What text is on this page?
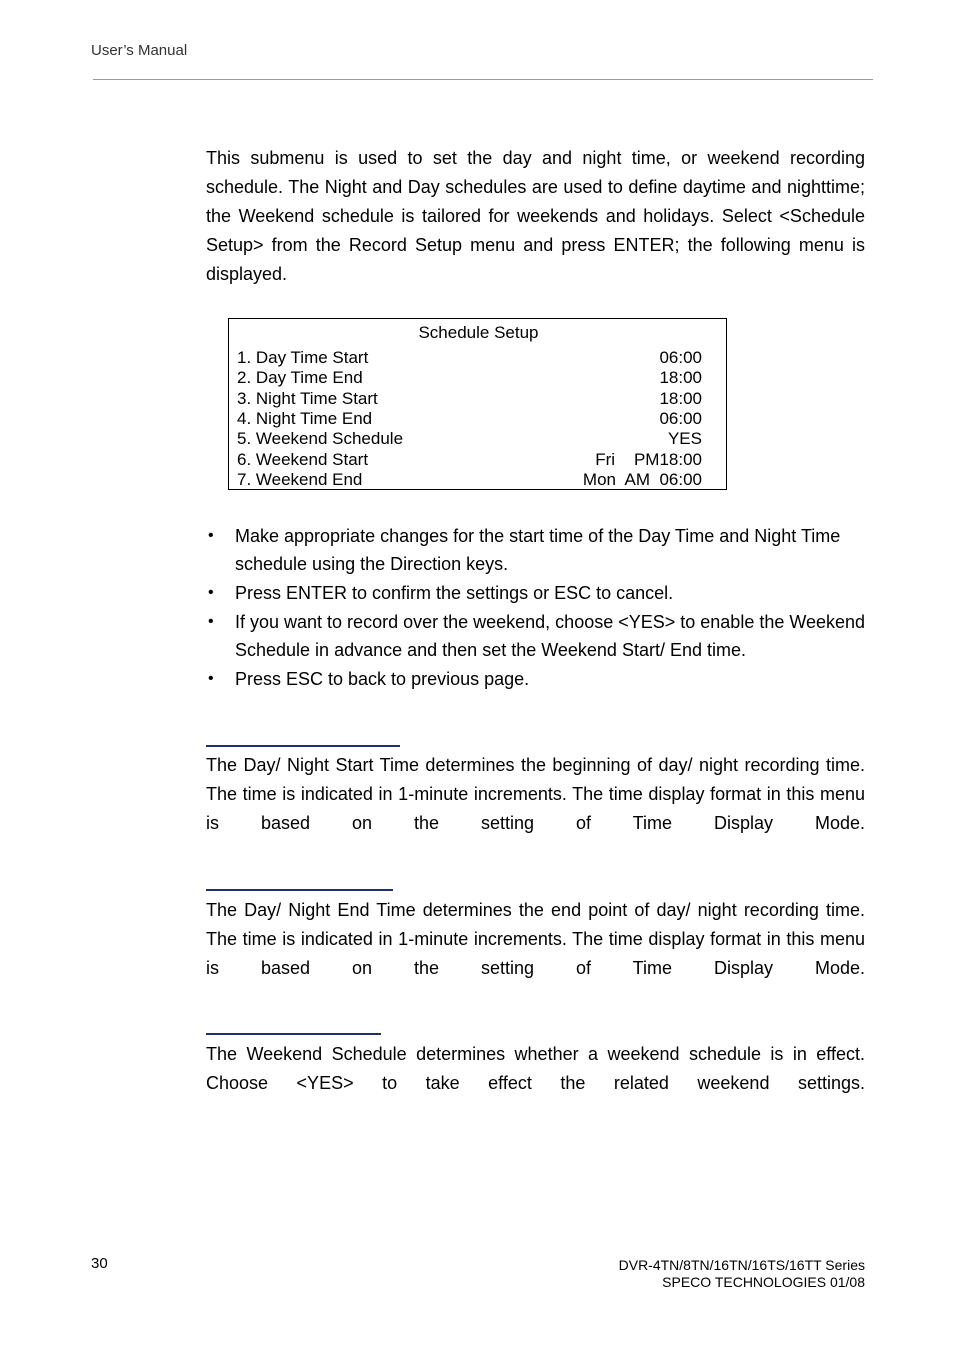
User’s Manual

This submenu is used to set the day and night time, or weekend recording schedule. The Night and Day schedules are used to define daytime and nighttime; the Weekend schedule is tailored for weekends and holidays. Select <Schedule Setup> from the Record Setup menu and press ENTER; the following menu is displayed.

Schedule Setup
1. Day Time Start	06:00
2. Day Time End	18:00
3. Night Time Start	18:00
4. Night Time End	06:00
5. Weekend Schedule	YES
6. Weekend Start	Fri    PM18:00
7. Weekend End	Mon  AM  06:00
• Make appropriate changes for the start time of the Day Time and Night Time schedule using the Direction keys.
• Press ENTER to confirm the settings or ESC to cancel.
• If you want to record over the weekend, choose <YES> to enable the Weekend Schedule in advance and then set the Weekend Start/ End time.
• Press ESC to back to previous page.

The Day/ Night Start Time determines the beginning of day/ night recording time. The time is indicated in 1-minute increments. The time display format in this menu is based on the setting of Time Display Mode.

The Day/ Night End Time determines the end point of day/ night recording time. The time is indicated in 1-minute increments. The time display format in this menu is based on the setting of Time Display Mode.

The Weekend Schedule determines whether a weekend schedule is in effect. Choose <YES> to take effect the related weekend settings.

30	DVR-4TN/8TN/16TN/16TS/16TT Series
SPECO TECHNOLOGIES 01/08
